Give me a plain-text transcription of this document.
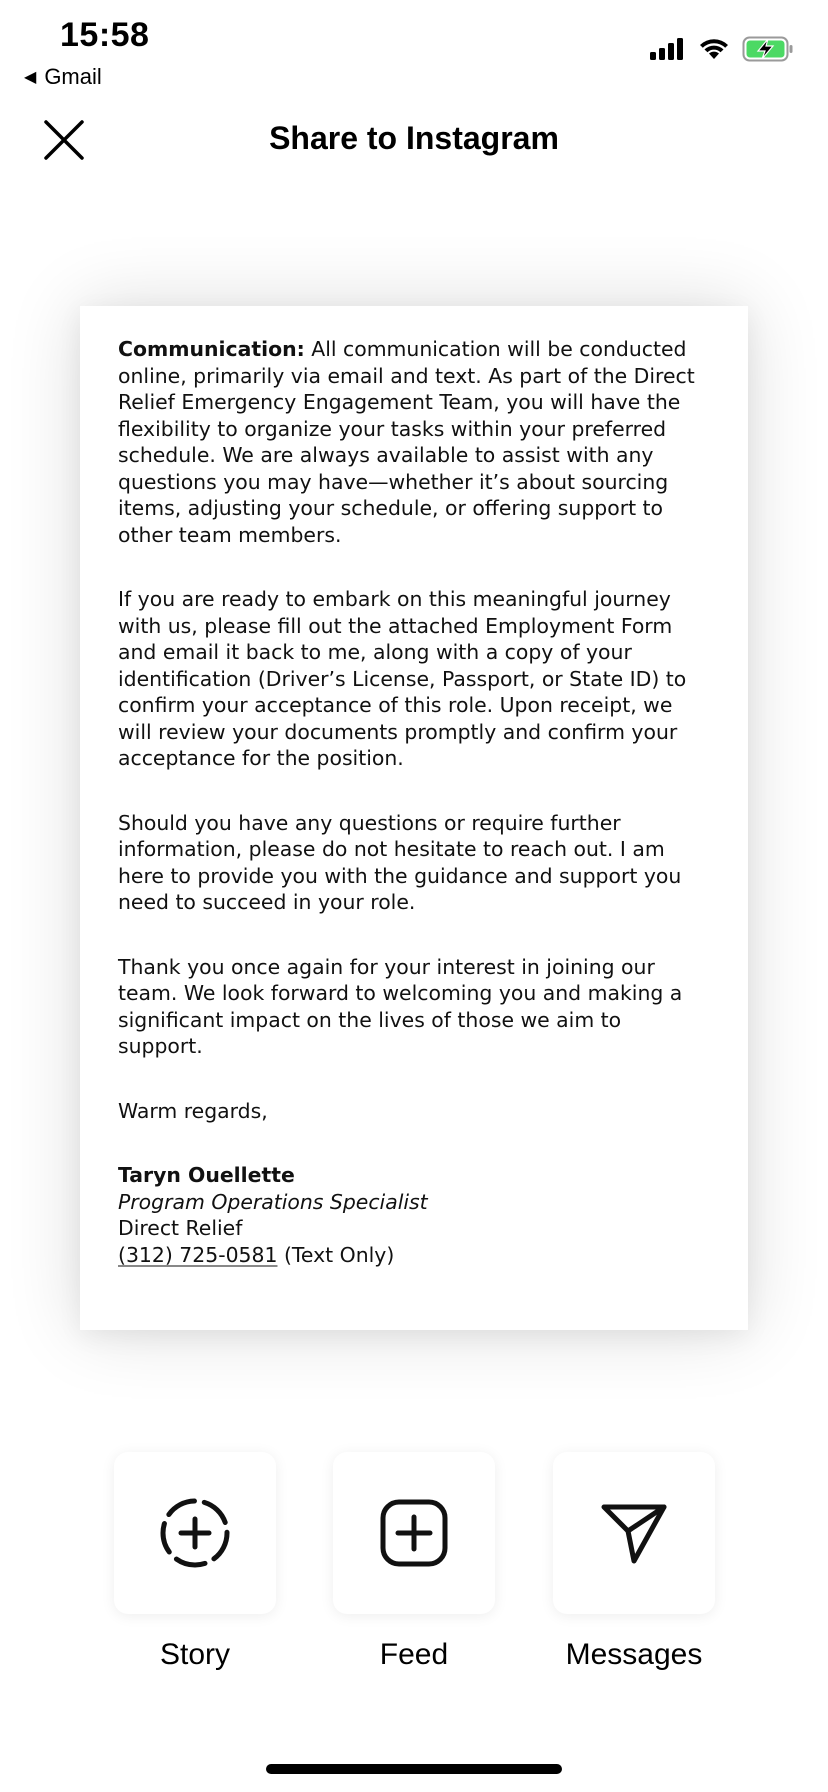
15:58
◀ Gmail
Share to Instagram

Communication: All communication will be conducted online, primarily via email and text. As part of the Direct Relief Emergency Engagement Team, you will have the flexibility to organize your tasks within your preferred schedule. We are always available to assist with any questions you may have—whether it’s about sourcing items, adjusting your schedule, or offering support to other team members.

If you are ready to embark on this meaningful journey with us, please fill out the attached Employment Form and email it back to me, along with a copy of your identification (Driver’s License, Passport, or State ID) to confirm your acceptance of this role. Upon receipt, we will review your documents promptly and confirm your acceptance for the position.

Should you have any questions or require further information, please do not hesitate to reach out. I am here to provide you with the guidance and support you need to succeed in your role.

Thank you once again for your interest in joining our team. We look forward to welcoming you and making a significant impact on the lives of those we aim to support.

Warm regards,

Taryn Ouellette
Program Operations Specialist
Direct Relief
(312) 725-0581 (Text Only)
Story	Feed	Messages
